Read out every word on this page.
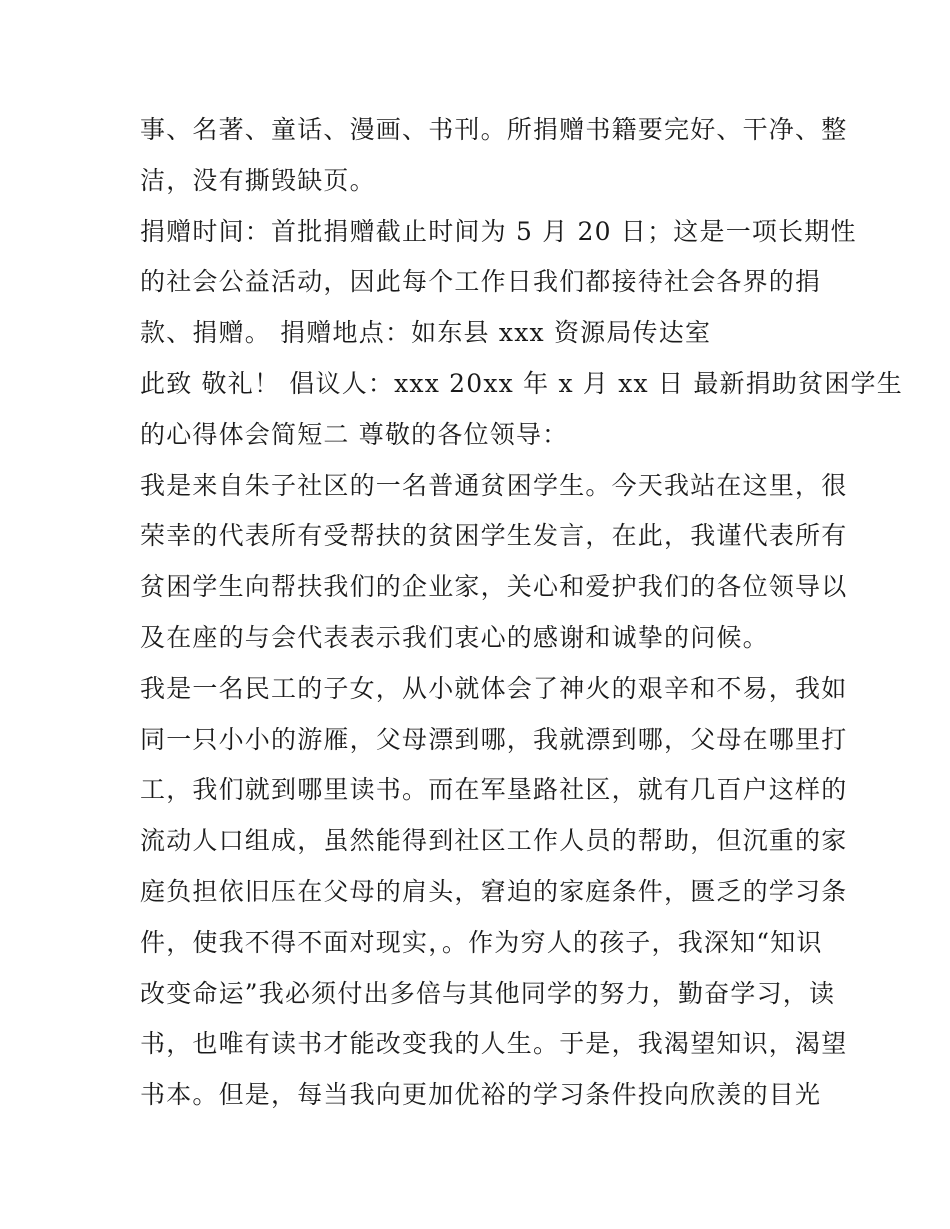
事、名著、童话、漫画、书刊。所捐赠书籍要完好、干净、整
洁，没有撕毁缺页。
捐赠时间：首批捐赠截止时间为 5 月 20 日；这是一项长期性
的社会公益活动，因此每个工作日我们都接待社会各界的捐
款、捐赠。 捐赠地点：如东县 xxx 资源局传达室
此致 敬礼！ 倡议人：xxx 20xx 年 x 月 xx 日 最新捐助贫困学生
的心得体会简短二 尊敬的各位领导：
我是来自朱子社区的一名普通贫困学生。今天我站在这里，很
荣幸的代表所有受帮扶的贫困学生发言，在此，我谨代表所有
贫困学生向帮扶我们的企业家，关心和爱护我们的各位领导以
及在座的与会代表表示我们衷心的感谢和诚挚的问候。
我是一名民工的子女，从小就体会了神火的艰辛和不易，我如
同一只小小的游雁，父母漂到哪，我就漂到哪，父母在哪里打
工，我们就到哪里读书。而在军垦路社区，就有几百户这样的
流动人口组成，虽然能得到社区工作人员的帮助，但沉重的家
庭负担依旧压在父母的肩头，窘迫的家庭条件，匮乏的学习条
件，使我不得不面对现实，。作为穷人的孩子，我深知“知识
改变命运”我必须付出多倍与其他同学的努力，勤奋学习，读
书，也唯有读书才能改变我的人生。于是，我渴望知识，渴望
书本。但是，每当我向更加优裕的学习条件投向欣羡的目光
